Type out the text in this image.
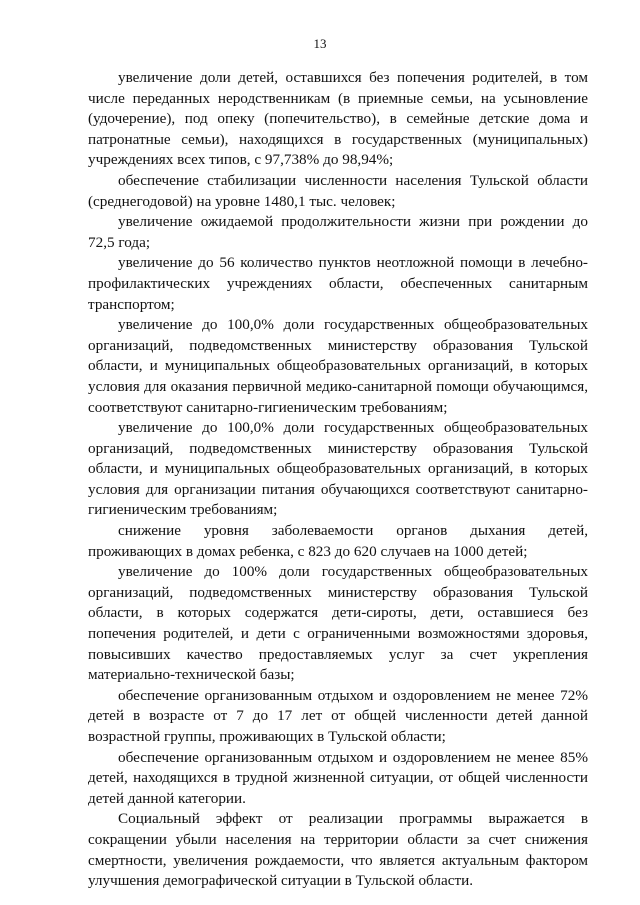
13

увеличение доли детей, оставшихся без попечения родителей, в том числе переданных неродственникам (в приемные семьи, на усыновление (удочерение), под опеку (попечительство), в семейные детские дома и патронатные семьи), находящихся в государственных (муниципальных) учреждениях всех типов, с 97,738% до 98,94%;

обеспечение стабилизации численности населения Тульской области (среднегодовой) на уровне 1480,1 тыс. человек;

увеличение ожидаемой продолжительности жизни при рождении до 72,5 года;

увеличение до 56 количество пунктов неотложной помощи в лечебно-профилактических учреждениях области, обеспеченных санитарным транспортом;

увеличение до 100,0% доли государственных общеобразовательных организаций, подведомственных министерству образования Тульской области, и муниципальных общеобразовательных организаций, в которых условия для оказания первичной медико-санитарной помощи обучающимся, соответствуют санитарно-гигиеническим требованиям;

увеличение до 100,0% доли государственных общеобразовательных организаций, подведомственных министерству образования Тульской области, и муниципальных общеобразовательных организаций, в которых условия для организации питания обучающихся соответствуют санитарно-гигиеническим требованиям;

снижение уровня заболеваемости органов дыхания детей, проживающих в домах ребенка, с 823 до 620 случаев на 1000 детей;

увеличение до 100% доли государственных общеобразовательных организаций, подведомственных министерству образования Тульской области, в которых содержатся дети-сироты, дети, оставшиеся без попечения родителей, и дети с ограниченными возможностями здоровья, повысивших качество предоставляемых услуг за счет укрепления материально-технической базы;

обеспечение организованным отдыхом и оздоровлением не менее 72% детей в возрасте от 7 до 17 лет от общей численности детей данной возрастной группы, проживающих в Тульской области;

обеспечение организованным отдыхом и оздоровлением не менее 85% детей, находящихся в трудной жизненной ситуации, от общей численности детей данной категории.

Социальный эффект от реализации программы выражается в сокращении убыли населения на территории области за счет снижения смертности, увеличения рождаемости, что является актуальным фактором улучшения демографической ситуации в Тульской области.
